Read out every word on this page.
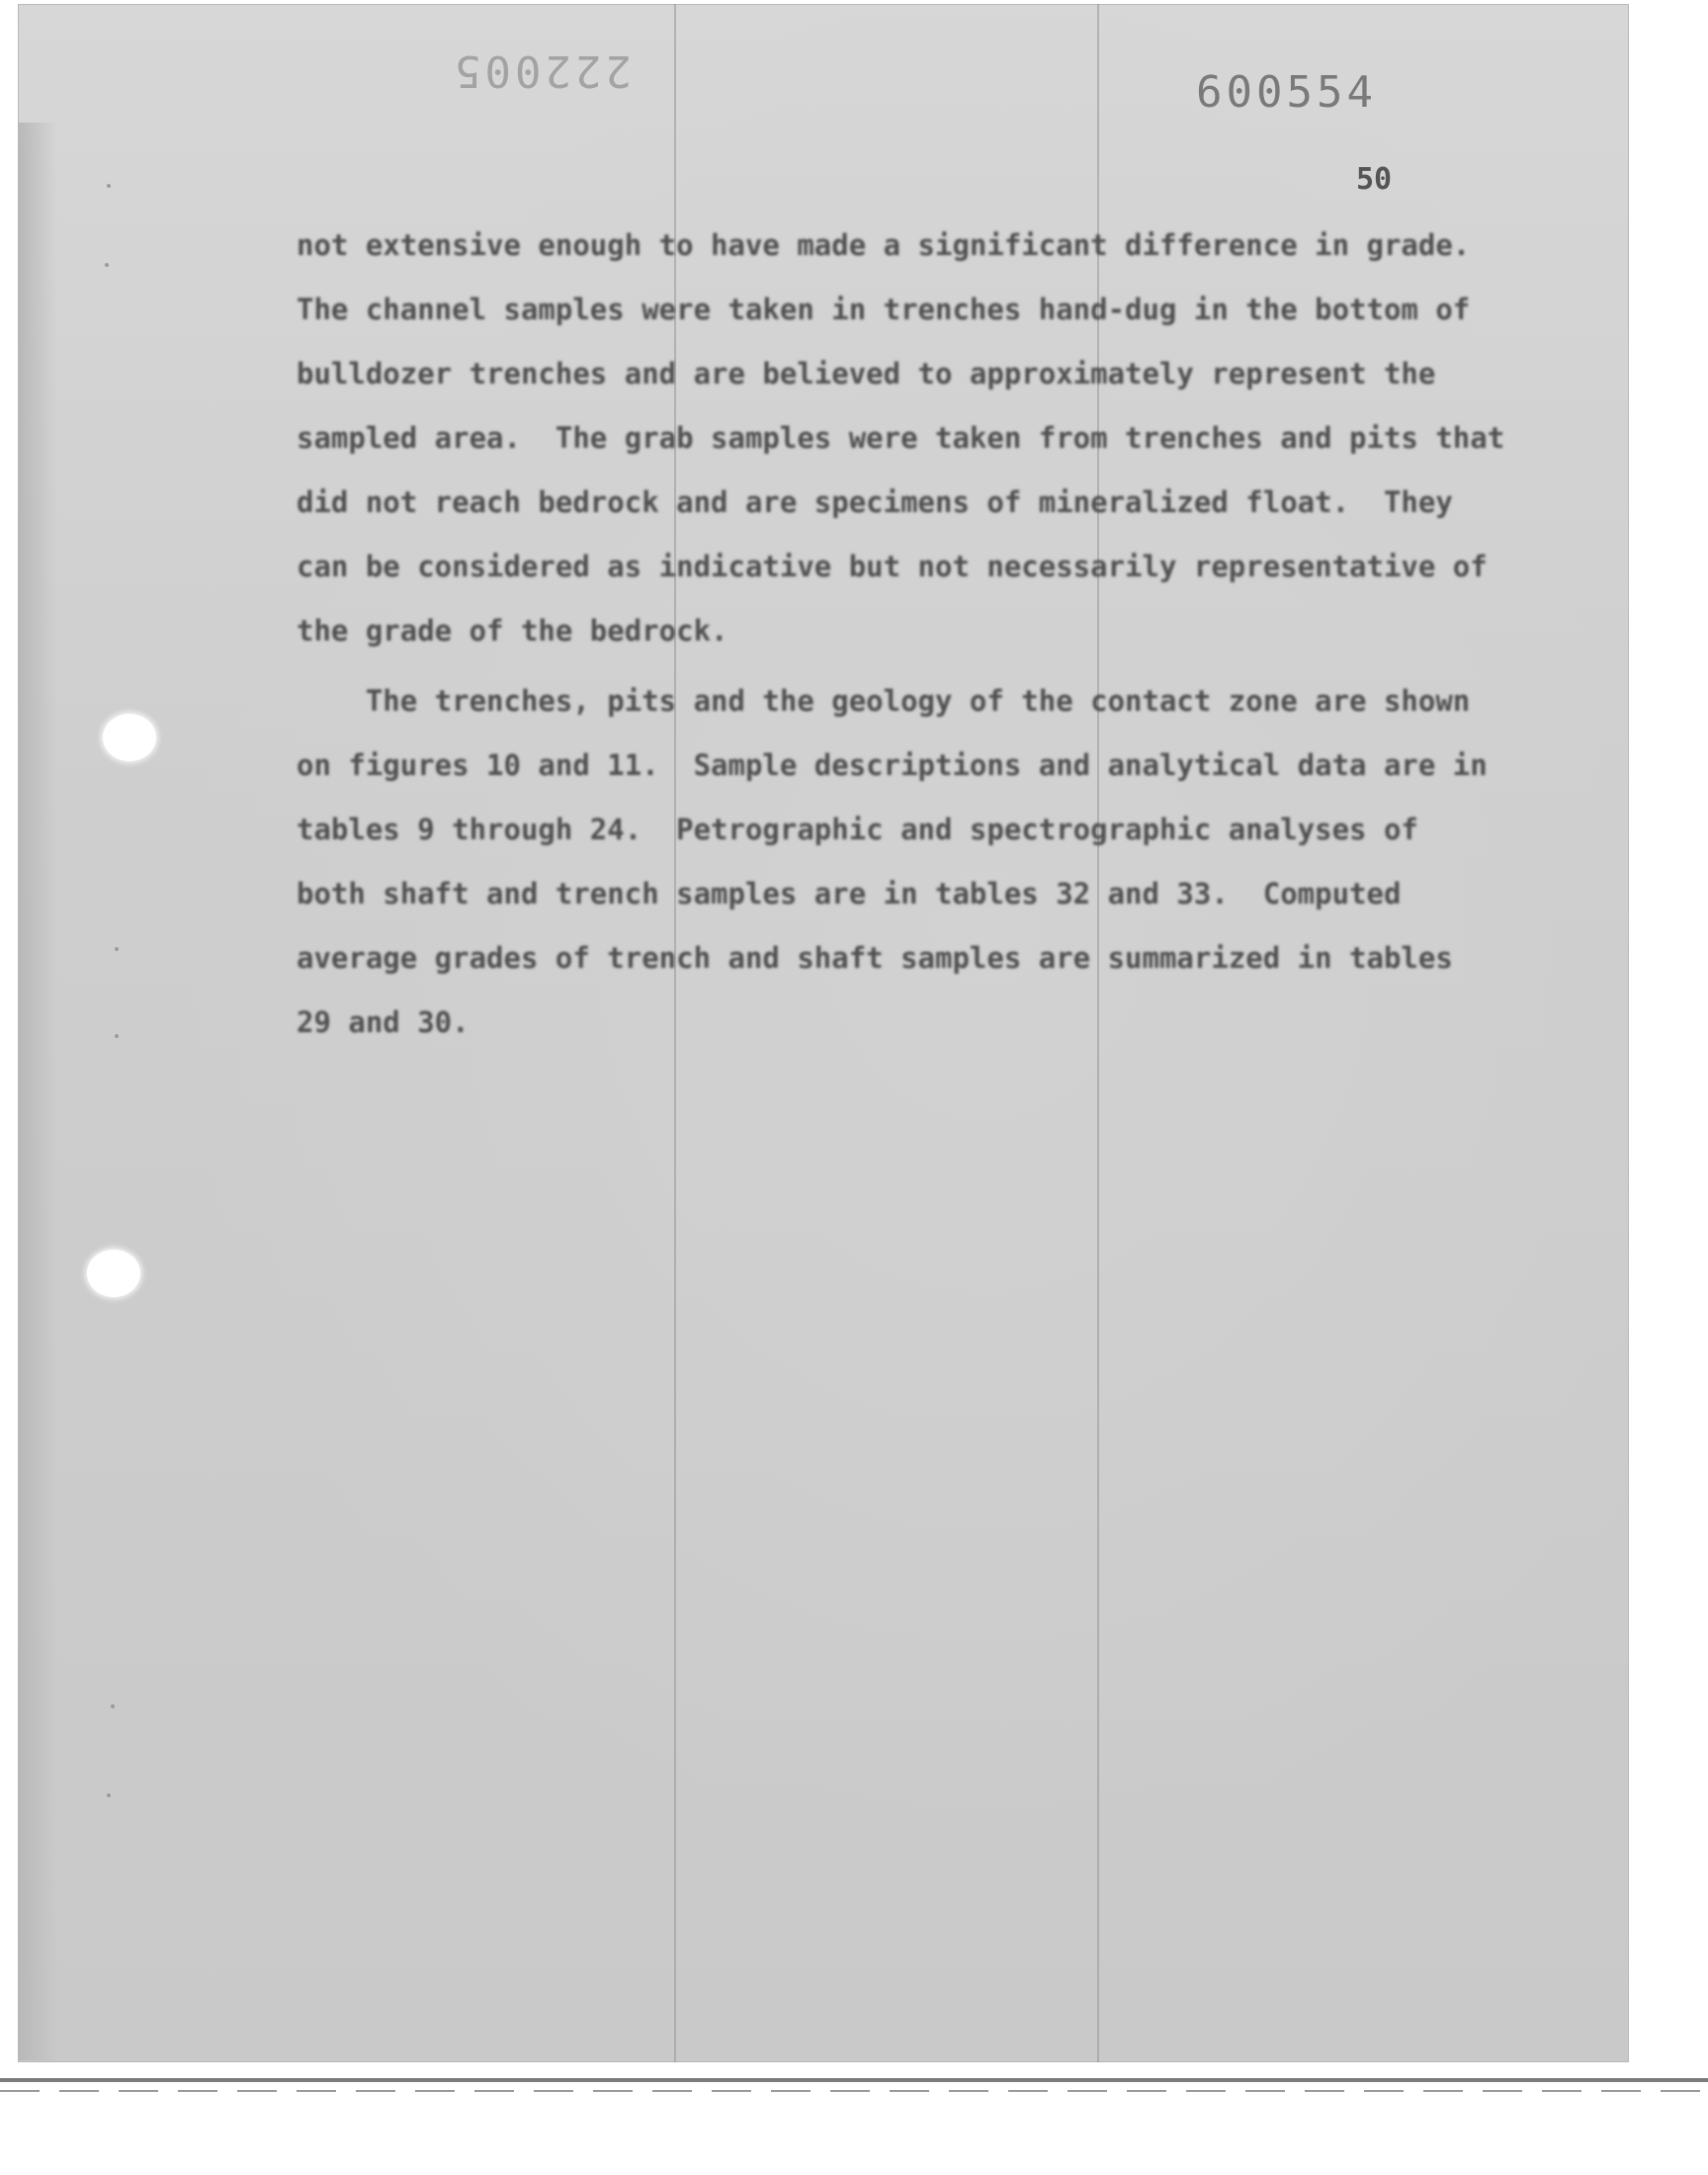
222005	600554
50
not extensive enough to have made a significant difference in grade.
The channel samples were taken in trenches hand-dug in the bottom of
bulldozer trenches and are believed to approximately represent the
sampled area.  The grab samples were taken from trenches and pits that
did not reach bedrock and are specimens of mineralized float.  They
can be considered as indicative but not necessarily representative of
the grade of the bedrock.
The trenches, pits and the geology of the contact zone are shown
on figures 10 and 11.  Sample descriptions and analytical data are in
tables 9 through 24.  Petrographic and spectrographic analyses of
both shaft and trench samples are in tables 32 and 33.  Computed
average grades of trench and shaft samples are summarized in tables
29 and 30.
